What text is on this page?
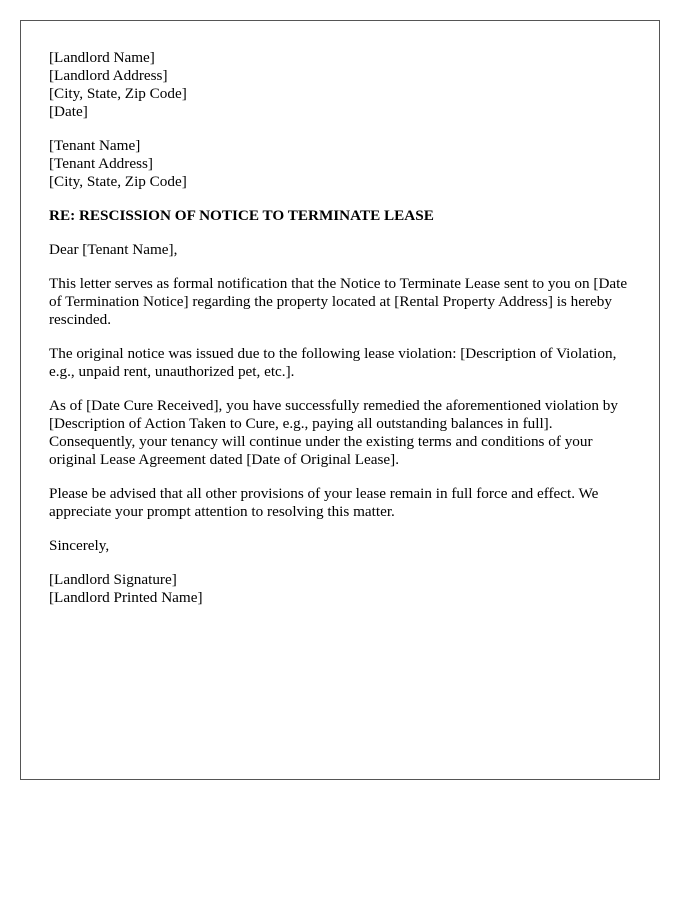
[Landlord Name]
[Landlord Address]
[City, State, Zip Code]
[Date]
[Tenant Name]
[Tenant Address]
[City, State, Zip Code]

RE: RESCISSION OF NOTICE TO TERMINATE LEASE

Dear [Tenant Name],

This letter serves as formal notification that the Notice to Terminate Lease sent to you on [Date of Termination Notice] regarding the property located at [Rental Property Address] is hereby rescinded.

The original notice was issued due to the following lease violation: [Description of Violation, e.g., unpaid rent, unauthorized pet, etc.].

As of [Date Cure Received], you have successfully remedied the aforementioned violation by [Description of Action Taken to Cure, e.g., paying all outstanding balances in full]. Consequently, your tenancy will continue under the existing terms and conditions of your original Lease Agreement dated [Date of Original Lease].

Please be advised that all other provisions of your lease remain in full force and effect. We appreciate your prompt attention to resolving this matter.

Sincerely,

[Landlord Signature]
[Landlord Printed Name]
